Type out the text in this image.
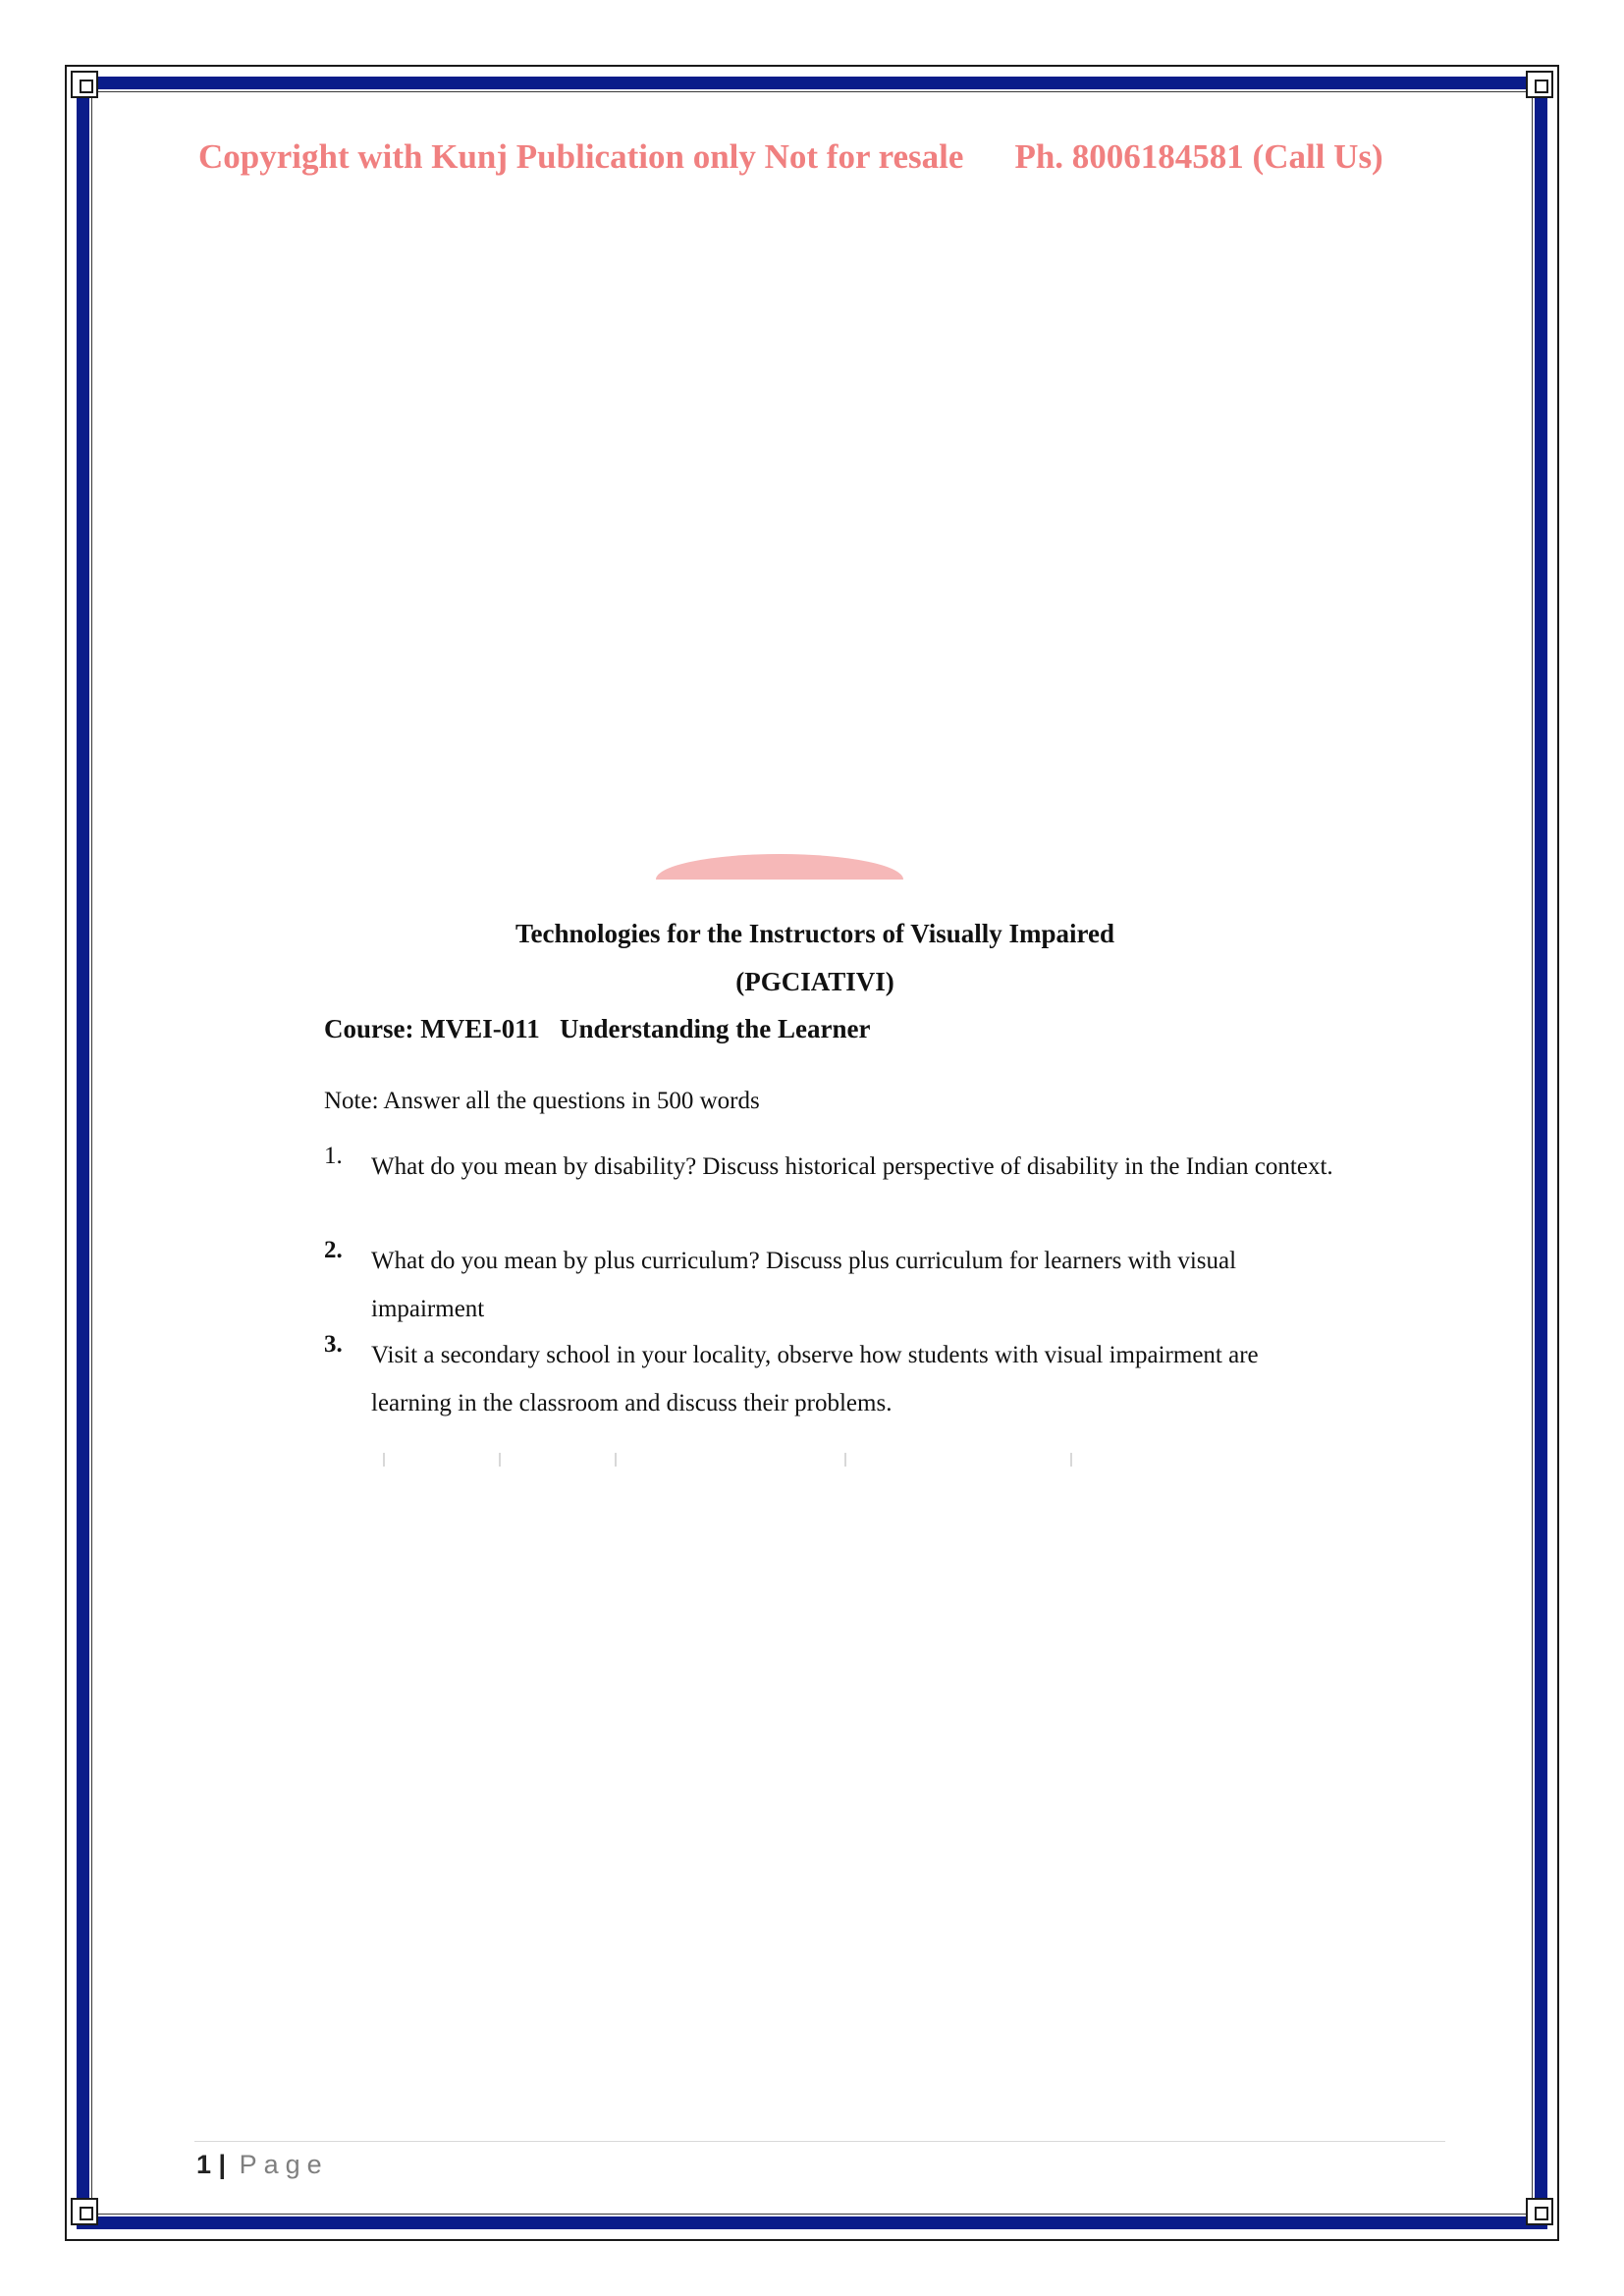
Copyright with Kunj Publication only Not for resale Ph. 8006184581 (Call Us)
Technologies for the Instructors of Visually Impaired
(PGCIATIVI)
Course: MVEI-011   Understanding the Learner
Note: Answer all the questions in 500 words
1.	What do you mean by disability? Discuss historical perspective of disability in the Indian context.
2.	What do you mean by plus curriculum? Discuss plus curriculum for learners with visual impairment
3.	Visit a secondary school in your locality, observe how students with visual impairment are learning in the classroom and discuss their problems.
1 | Page
